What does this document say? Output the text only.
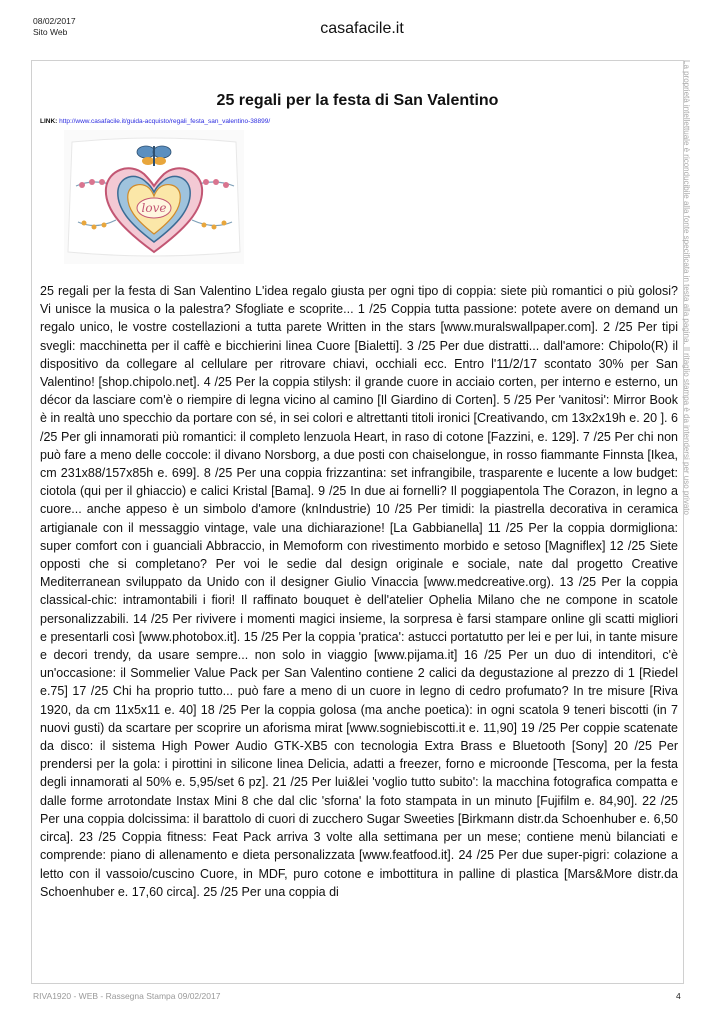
08/02/2017
Sito Web	casafacile.it
25 regali per la festa di San Valentino
LINK: http://www.casafacile.it/guida-acquisto/regali_festa_san_valentino-38899/
love
25 regali per la festa di San Valentino L'idea regalo giusta per ogni tipo di coppia: siete più romantici o più golosi? Vi unisce la musica o la palestra? Sfogliate e scoprite... 1 /25 Coppia tutta passione: potete avere on demand un regalo unico, le vostre costellazioni a tutta parete Written in the stars [www.muralswallpaper.com]. 2 /25 Per tipi svegli: macchinetta per il caffè e bicchierini linea Cuore [Bialetti]. 3 /25 Per due distratti... dall'amore: Chipolo(R) il dispositivo da collegare al cellulare per ritrovare chiavi, occhiali ecc. Entro l'11/2/17 scontato 30% per San Valentino! [shop.chipolo.net]. 4 /25 Per la coppia stilysh: il grande cuore in acciaio corten, per interno e esterno, un décor da lasciare com'è o riempire di legna vicino al camino [Il Giardino di Corten]. 5 /25 Per 'vanitosi': Mirror Book è in realtà uno specchio da portare con sé, in sei colori e altrettanti titoli ironici [Creativando, cm 13x2x19h e. 20 ]. 6 /25 Per gli innamorati più romantici: il completo lenzuola Heart, in raso di cotone [Fazzini, e. 129]. 7 /25 Per chi non può fare a meno delle coccole: il divano Norsborg, a due posti con chaiselongue, in rosso fiammante Finnsta [Ikea, cm 231x88/157x85h e. 699]. 8 /25 Per una coppia frizzantina: set infrangibile, trasparente e lucente a low budget: ciotola (qui per il ghiaccio) e calici Kristal [Bama]. 9 /25 In due ai fornelli? Il poggiapentola The Corazon, in legno a cuore... anche appeso è un simbolo d'amore (knIndustrie) 10 /25 Per timidi: la piastrella decorativa in ceramica artigianale con il messaggio vintage, vale una dichiarazione! [La Gabbianella] 11 /25 Per la coppia dormigliona: super comfort con i guanciali Abbraccio, in Memoform con rivestimento morbido e setoso [Magniflex] 12 /25 Siete opposti che si completano? Per voi le sedie dal design originale e sociale, nate dal progetto Creative Mediterranean sviluppato da Unido con il designer Giulio Vinaccia [www.medcreative.org). 13 /25 Per la coppia classical-chic: intramontabili i fiori! Il raffinato bouquet è dell'atelier Ophelia Milano che ne compone in scatole personalizzabili. 14 /25 Per rivivere i momenti magici insieme, la sorpresa è farsi stampare online gli scatti migliori e presentarli così [www.photobox.it]. 15 /25 Per la coppia 'pratica': astucci portatutto per lei e per lui, in tante misure e decori trendy, da usare sempre... non solo in viaggio [www.pijama.it] 16 /25 Per un duo di intenditori, c'è un'occasione: il Sommelier Value Pack per San Valentino contiene 2 calici da degustazione al prezzo di 1 [Riedel e.75] 17 /25 Chi ha proprio tutto... può fare a meno di un cuore in legno di cedro profumato? In tre misure [Riva 1920, da cm 11x5x11 e. 40] 18 /25 Per la coppia golosa (ma anche poetica): in ogni scatola 9 teneri biscotti (in 7 nuovi gusti) da scartare per scoprire un aforisma mirat [www.sogniebiscotti.it e. 11,90] 19 /25 Per coppie scatenate da disco: il sistema High Power Audio GTK-XB5 con tecnologia Extra Brass e Bluetooth [Sony] 20 /25 Per prendersi per la gola: i pirottini in silicone linea Delicia, adatti a freezer, forno e microonde [Tescoma, per la festa degli innamorati al 50% e. 5,95/set 6 pz]. 21 /25 Per lui&lei 'voglio tutto subito': la macchina fotografica compatta e dalle forme arrotondate Instax Mini 8 che dal clic 'sforna' la foto stampata in un minuto [Fujifilm e. 84,90]. 22 /25 Per una coppia dolcissima: il barattolo di cuori di zucchero Sugar Sweeties [Birkmann distr.da Schoenhuber e. 6,50 circa]. 23 /25 Coppia fitness: Feat Pack arriva 3 volte alla settimana per un mese; contiene menù bilanciati e comprende: piano di allenamento e dieta personalizzata [www.featfood.it]. 24 /25 Per due super-pigri: colazione a letto con il vassoio/cuscino Cuore, in MDF, puro cotone e imbottitura in palline di plastica [Mars&More distr.da Schoenhuber e. 17,60 circa]. 25 /25 Per una coppia di
La proprietà intellettuale è riconducibile alla fonte specificata in testa alla pagina. Il ritaglio stampa è da intendersi per uso privato
RIVA1920 - WEB - Rassegna Stampa 09/02/2017	4
